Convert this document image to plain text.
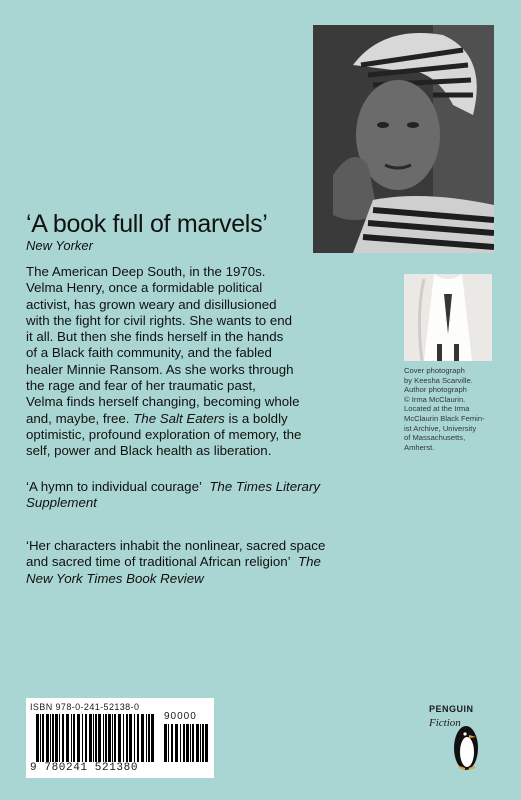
‘A book full of marvels’
New Yorker

The American Deep South, in the 1970s.
Velma Henry, once a formidable political
activist, has grown weary and disillusioned
with the fight for civil rights. She wants to end
it all. But then she finds herself in the hands
of a Black faith community, and the fabled
healer Minnie Ransom. As she works through
the rage and fear of her traumatic past,
Velma finds herself changing, becoming whole and, maybe, free. The Salt Eaters is a boldly optimistic, profound exploration of memory, the self, power and Black health as liberation.

‘A hymn to individual courage’ The Times Literary Supplement

‘Her characters inhabit the nonlinear, sacred space and sacred time of traditional African religion’ The New York Times Book Review

Cover photograph
by Keesha Scarville.
Author photograph
© Irma McClaurin.
Located at the Irma
McClaurin Black Femin-
ist Archive, University
of Massachusetts,
Amherst.

ISBN 978-0-241-52138-0
90000
9 780241 521380
PENGUIN
Fiction
